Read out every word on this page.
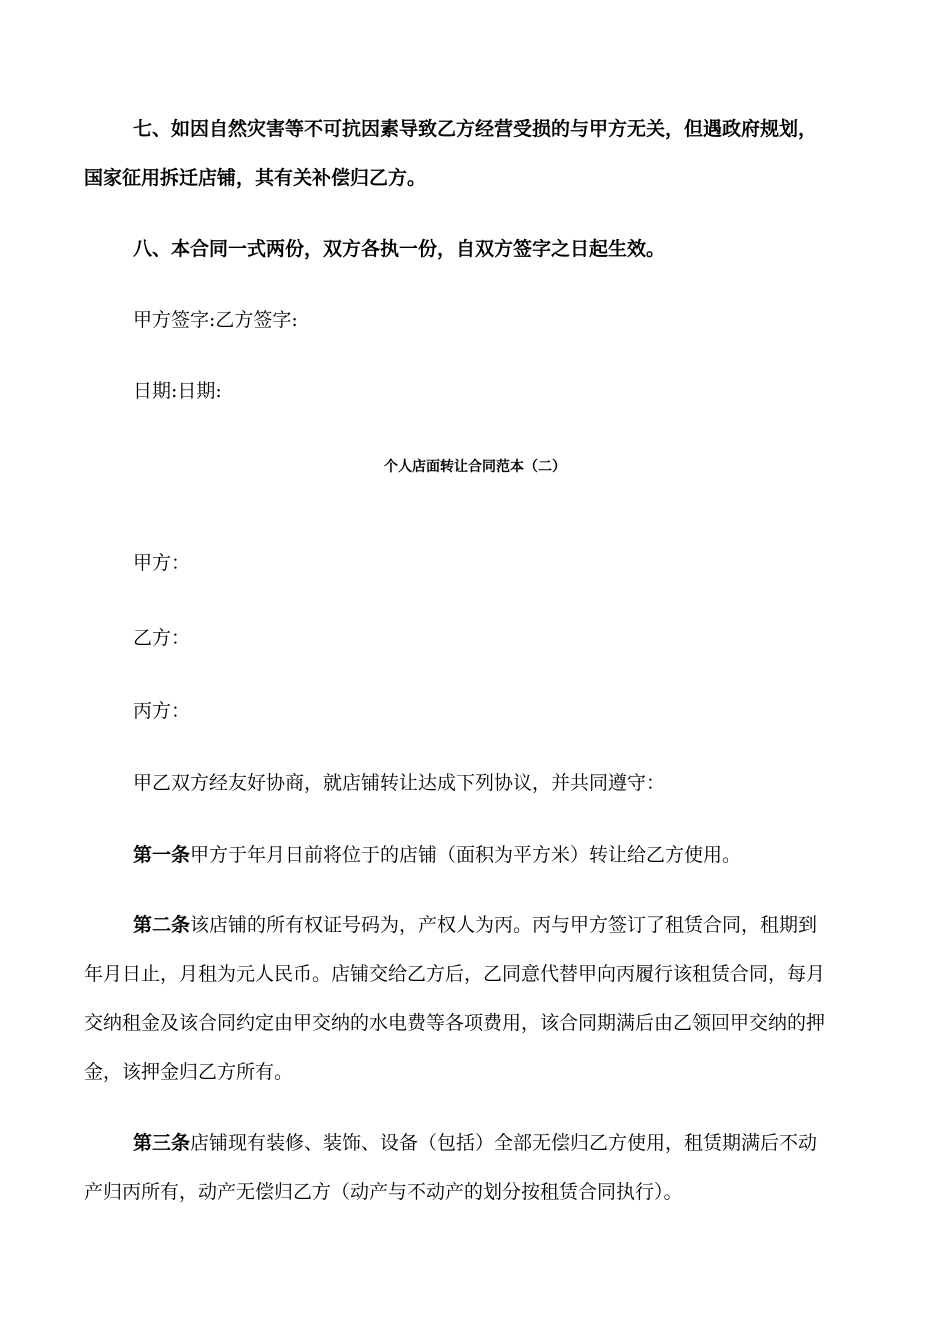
七、如因自然灾害等不可抗因素导致乙方经营受损的与甲方无关，但遇政府规划，

国家征用拆迁店铺，其有关补偿归乙方。

八、本合同一式两份，双方各执一份，自双方签字之日起生效。

甲方签字:乙方签字:

日期:日期:

个人店面转让合同范本（二）

甲方：

乙方：

丙方：

甲乙双方经友好协商，就店铺转让达成下列协议，并共同遵守：

第一条甲方于年月日前将位于的店铺（面积为平方米）转让给乙方使用。

第二条该店铺的所有权证号码为，产权人为丙。丙与甲方签订了租赁合同，租期到

年月日止，月租为元人民币。店铺交给乙方后，乙同意代替甲向丙履行该租赁合同，每月

交纳租金及该合同约定由甲交纳的水电费等各项费用，该合同期满后由乙领回甲交纳的押

金，该押金归乙方所有。

第三条店铺现有装修、装饰、设备（包括）全部无偿归乙方使用，租赁期满后不动

产归丙所有，动产无偿归乙方（动产与不动产的划分按租赁合同执行）。
